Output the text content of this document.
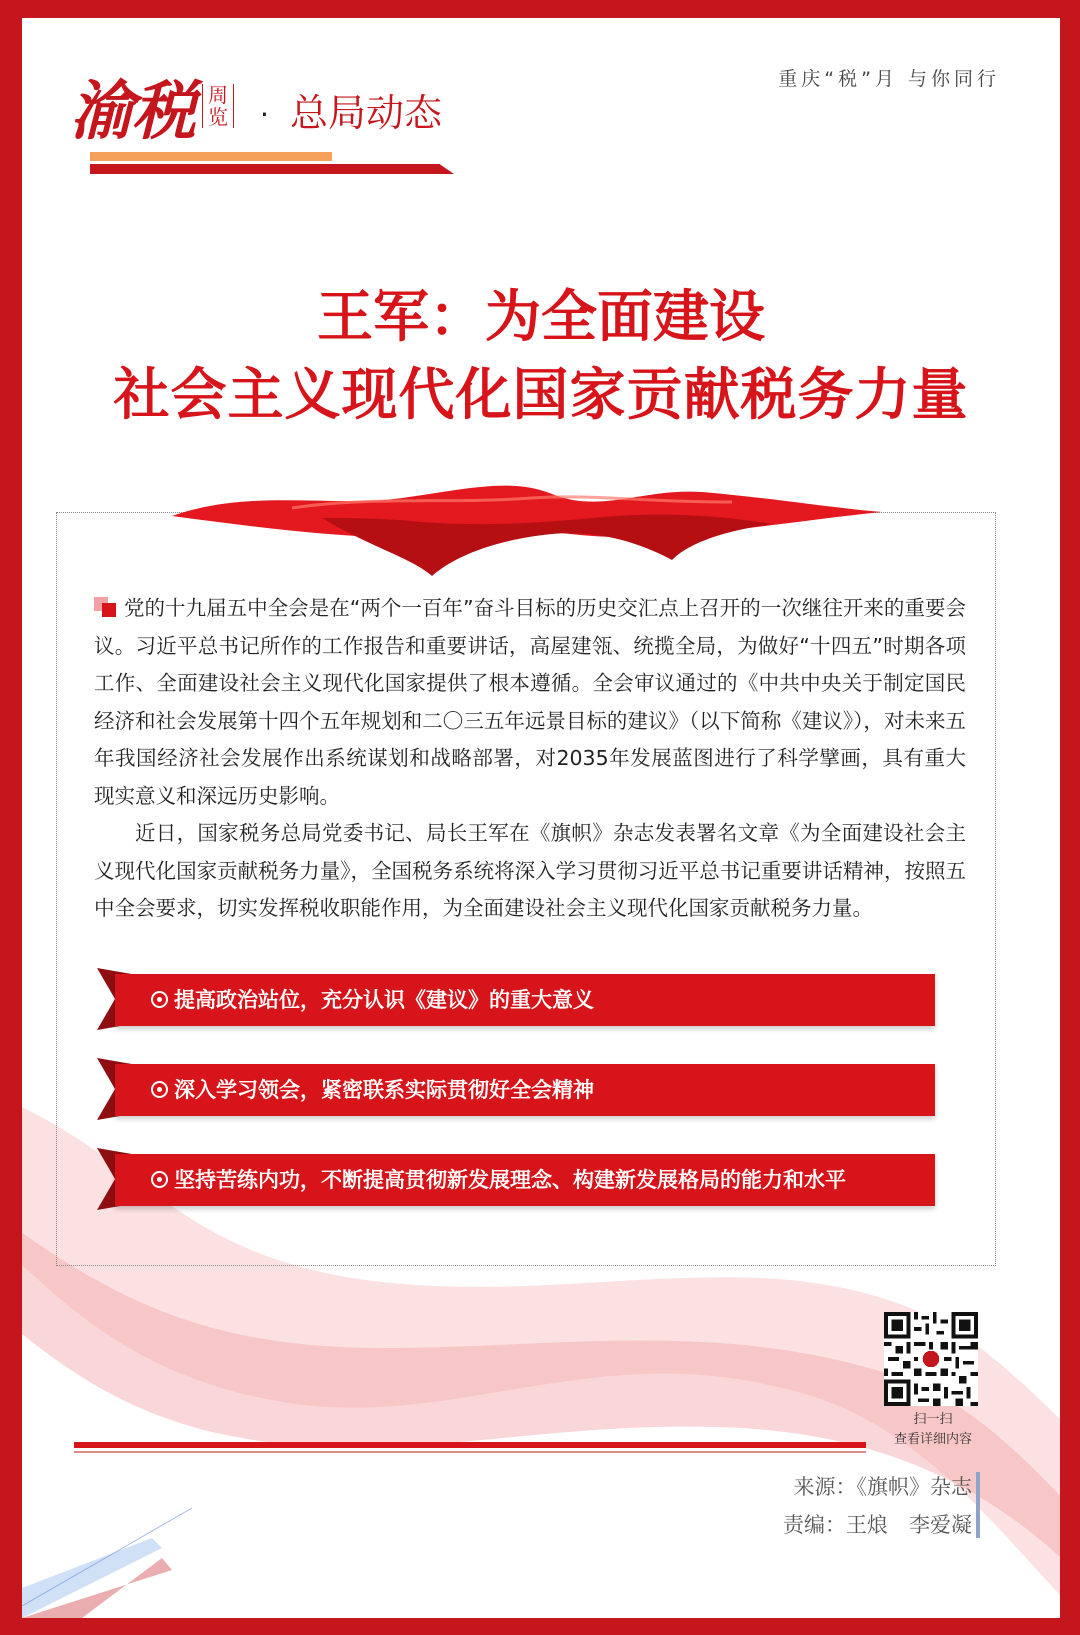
渝税 周览 · 总局动态
重庆“税”月 与你同行
王军：为全面建设
社会主义现代化国家贡献税务力量

党的十九届五中全会是在“两个一百年”奋斗目标的历史交汇点上召开的一次继往开来的重要会议。习近平总书记所作的工作报告和重要讲话，高屋建瓴、统揽全局，为做好“十四五”时期各项工作、全面建设社会主义现代化国家提供了根本遵循。全会审议通过的《中共中央关于制定国民经济和社会发展第十四个五年规划和二〇三五年远景目标的建议》（以下简称《建议》），对未来五年我国经济社会发展作出系统谋划和战略部署，对2035年发展蓝图进行了科学擘画，具有重大现实意义和深远历史影响。

近日，国家税务总局党委书记、局长王军在《旗帜》杂志发表署名文章《为全面建设社会主义现代化国家贡献税务力量》，全国税务系统将深入学习贯彻习近平总书记重要讲话精神，按照五中全会要求，切实发挥税收职能作用，为全面建设社会主义现代化国家贡献税务力量。

提高政治站位，充分认识《建议》的重大意义
深入学习领会，紧密联系实际贯彻好全会精神
坚持苦练内功，不断提高贯彻新发展理念、构建新发展格局的能力和水平
扫一扫
查看详细内容
来源：《旗帜》杂志
责编：王烺　李爱凝
